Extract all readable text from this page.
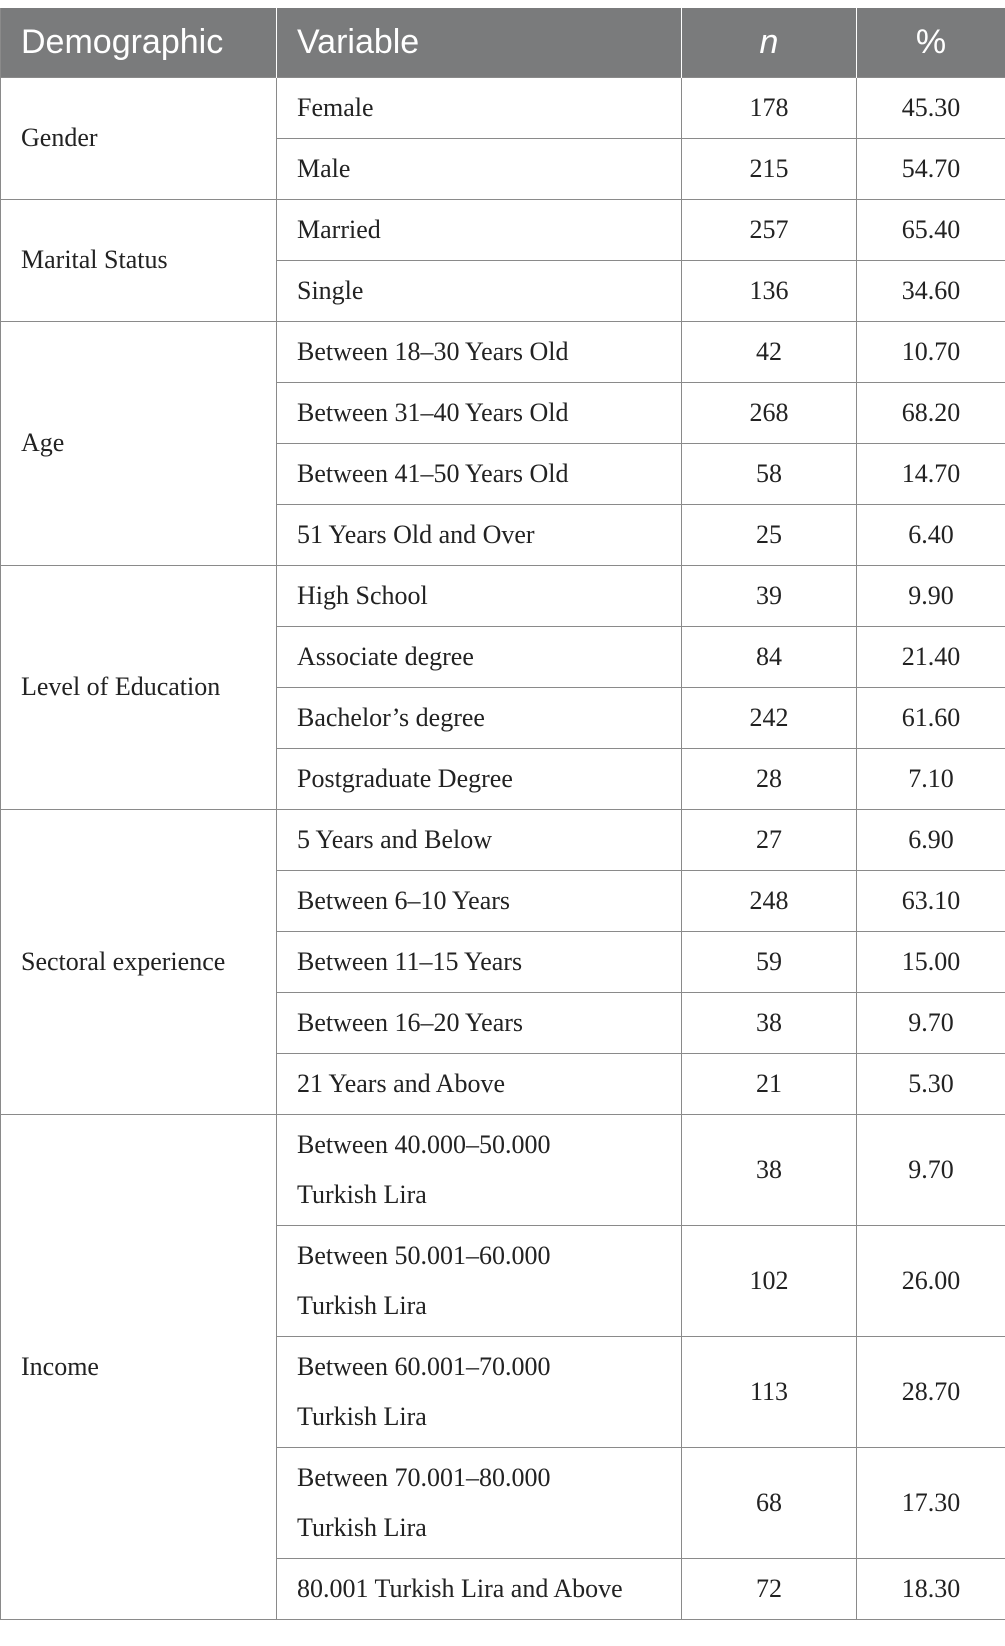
Demographic	Variable	n	%
Gender	Female	178	45.30
	Male	215	54.70
Marital Status	Married	257	65.40
	Single	136	34.60
Age	Between 18–30 Years Old	42	10.70
	Between 31–40 Years Old	268	68.20
	Between 41–50 Years Old	58	14.70
	51 Years Old and Over	25	6.40
Level of Education	High School	39	9.90
	Associate degree	84	21.40
	Bachelor’s degree	242	61.60
	Postgraduate Degree	28	7.10
Sectoral experience	5 Years and Below	27	6.90
	Between 6–10 Years	248	63.10
	Between 11–15 Years	59	15.00
	Between 16–20 Years	38	9.70
	21 Years and Above	21	5.30
Income	Between 40.000–50.000 Turkish Lira	38	9.70
	Between 50.001–60.000 Turkish Lira	102	26.00
	Between 60.001–70.000 Turkish Lira	113	28.70
	Between 70.001–80.000 Turkish Lira	68	17.30
	80.001 Turkish Lira and Above	72	18.30
